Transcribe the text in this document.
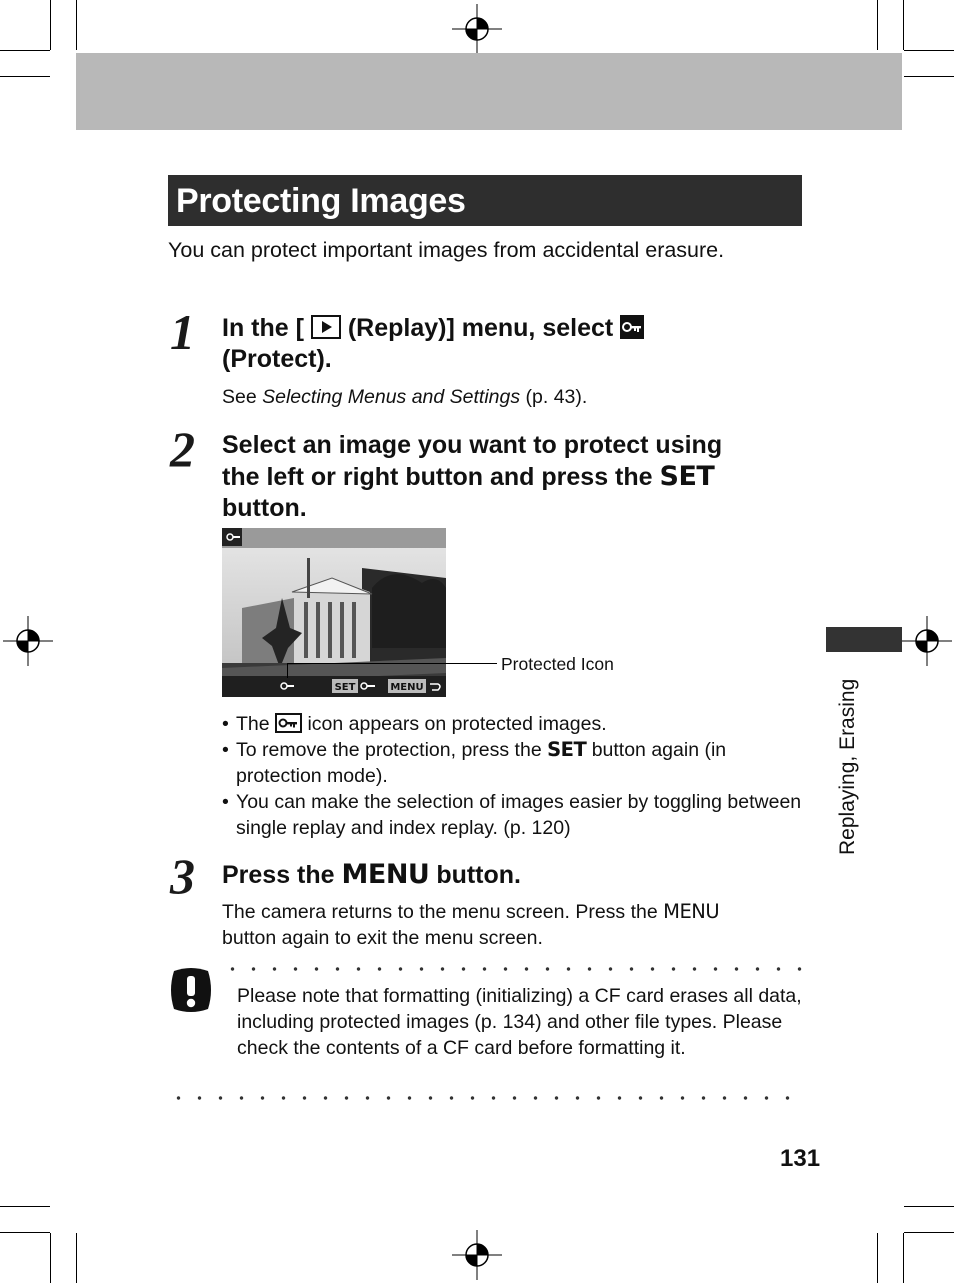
Protecting Images
You can protect important images from accidental erasure.
1 In the [ (Replay)] menu, select

(Protect).
See Selecting Menus and Settings (p. 43).
2 Select an image you want to protect using
the left or right button and press the SET
button.
SET	MENU
Protected Icon
• The icon appears on protected images.
• To remove the protection, press the SET button again (in protection mode).
• You can make the selection of images easier by toggling between single replay and index replay. (p. 120)
3 Press the MENU button.
The camera returns to the menu screen. Press the MENU
button again to exit the menu screen.
Please note that formatting (initializing) a CF card erases all data, including protected images (p. 134) and other file types. Please check the contents of a CF card before formatting it.
Replaying, Erasing
131
